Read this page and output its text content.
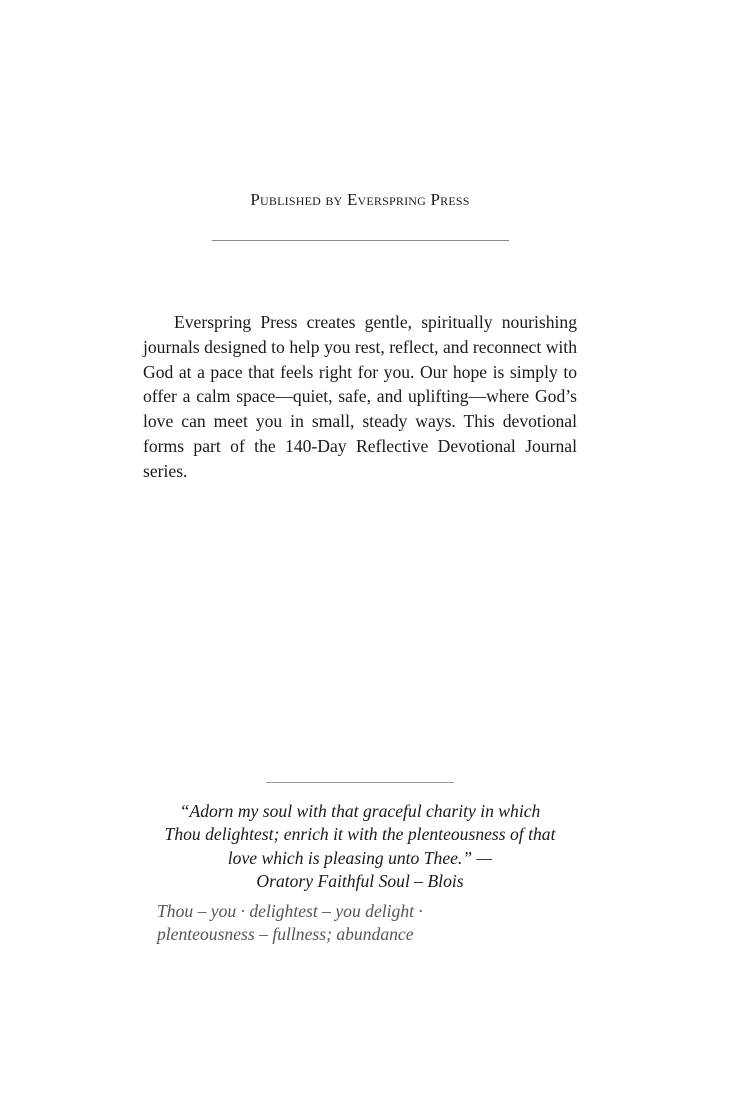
Published by Everspring Press

Everspring Press creates gentle, spiritually nourishing journals designed to help you rest, reflect, and reconnect with God at a pace that feels right for you. Our hope is simply to offer a calm space—quiet, safe, and uplifting—where God’s love can meet you in small, steady ways. This devotional forms part of the 140-Day Reflective Devotional Journal series.

“Adorn my soul with that graceful charity in which
Thou delightest; enrich it with the plenteousness of that
love which is pleasing unto Thee.” —
Oratory Faithful Soul – Blois
Thou – you · delightest – you delight ·
plenteousness – fullness; abundance
